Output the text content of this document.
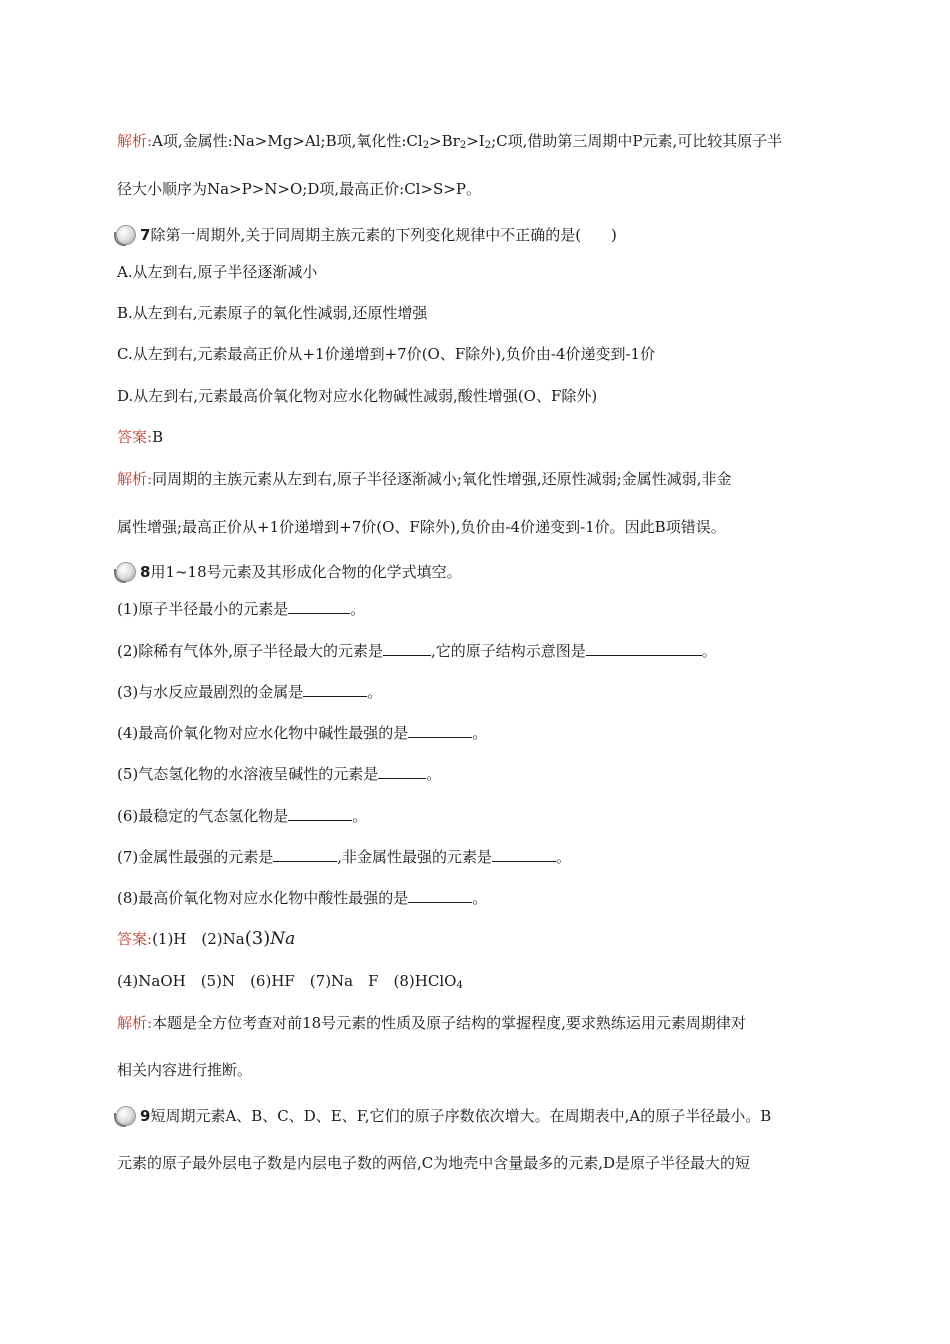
解析:A项,金属性:Na>Mg>Al;B项,氧化性$:Cl_2>Br_2>I_2;C$项,借助第三周期中P元素,可比较其原子半
径大小顺序为Na>P>N>O;D项,最高正价:Cl>S>P。
7除第一周期外,关于同周期主族元素的下列变化规律中不正确的是(　　)
A.从左到右,原子半径逐渐减小
B.从左到右,元素原子的氧化性减弱,还原性增强
C.从左到右,元素最高正价从+1价递增到+7价(O、F除外),负价由-4价递变到-1价
D.从左到右,元素最高价氧化物对应水化物碱性减弱,酸性增强(O、F除外)
答案:B
解析:同周期的主族元素从左到右,原子半径逐渐减小;氧化性增强,还原性减弱;金属性减弱,非金
属性增强;最高正价从+1价递增到+7价(O、F除外),负价由-4价递变到-1价。因此B项错误。
8用1~18号元素及其形成化合物的化学式填空。
(1)原子半径最小的元素是	。
(2)除稀有气体外,原子半径最大的元素是	,它的原子结构示意图是	。
(3)与水反应最剧烈的金属是	。
(4)最高价氧化物对应水化物中碱性最强的是	。
(5)气态氢化物的水溶液呈碱性的元素是	。
(6)最稳定的气态氢化物是	。
(7)金属性最强的元素是	,非金属性最强的元素是	。
(8)最高价氧化物对应水化物中酸性最强的是	。
答案:(1)H　(2)Na(3)Na
(4)NaOH　(5)N　(6)HF　(7)Na　F　(8)HClO$_4$
解析:本题是全方位考查对前18号元素的性质及原子结构的掌握程度,要求熟练运用元素周期律对
相关内容进行推断。
9短周期元素A、B、C、D、E、F,它们的原子序数依次增大。在周期表中,A的原子半径最小。B
元素的原子最外层电子数是内层电子数的两倍,C为地壳中含量最多的元素,D是原子半径最大的短
